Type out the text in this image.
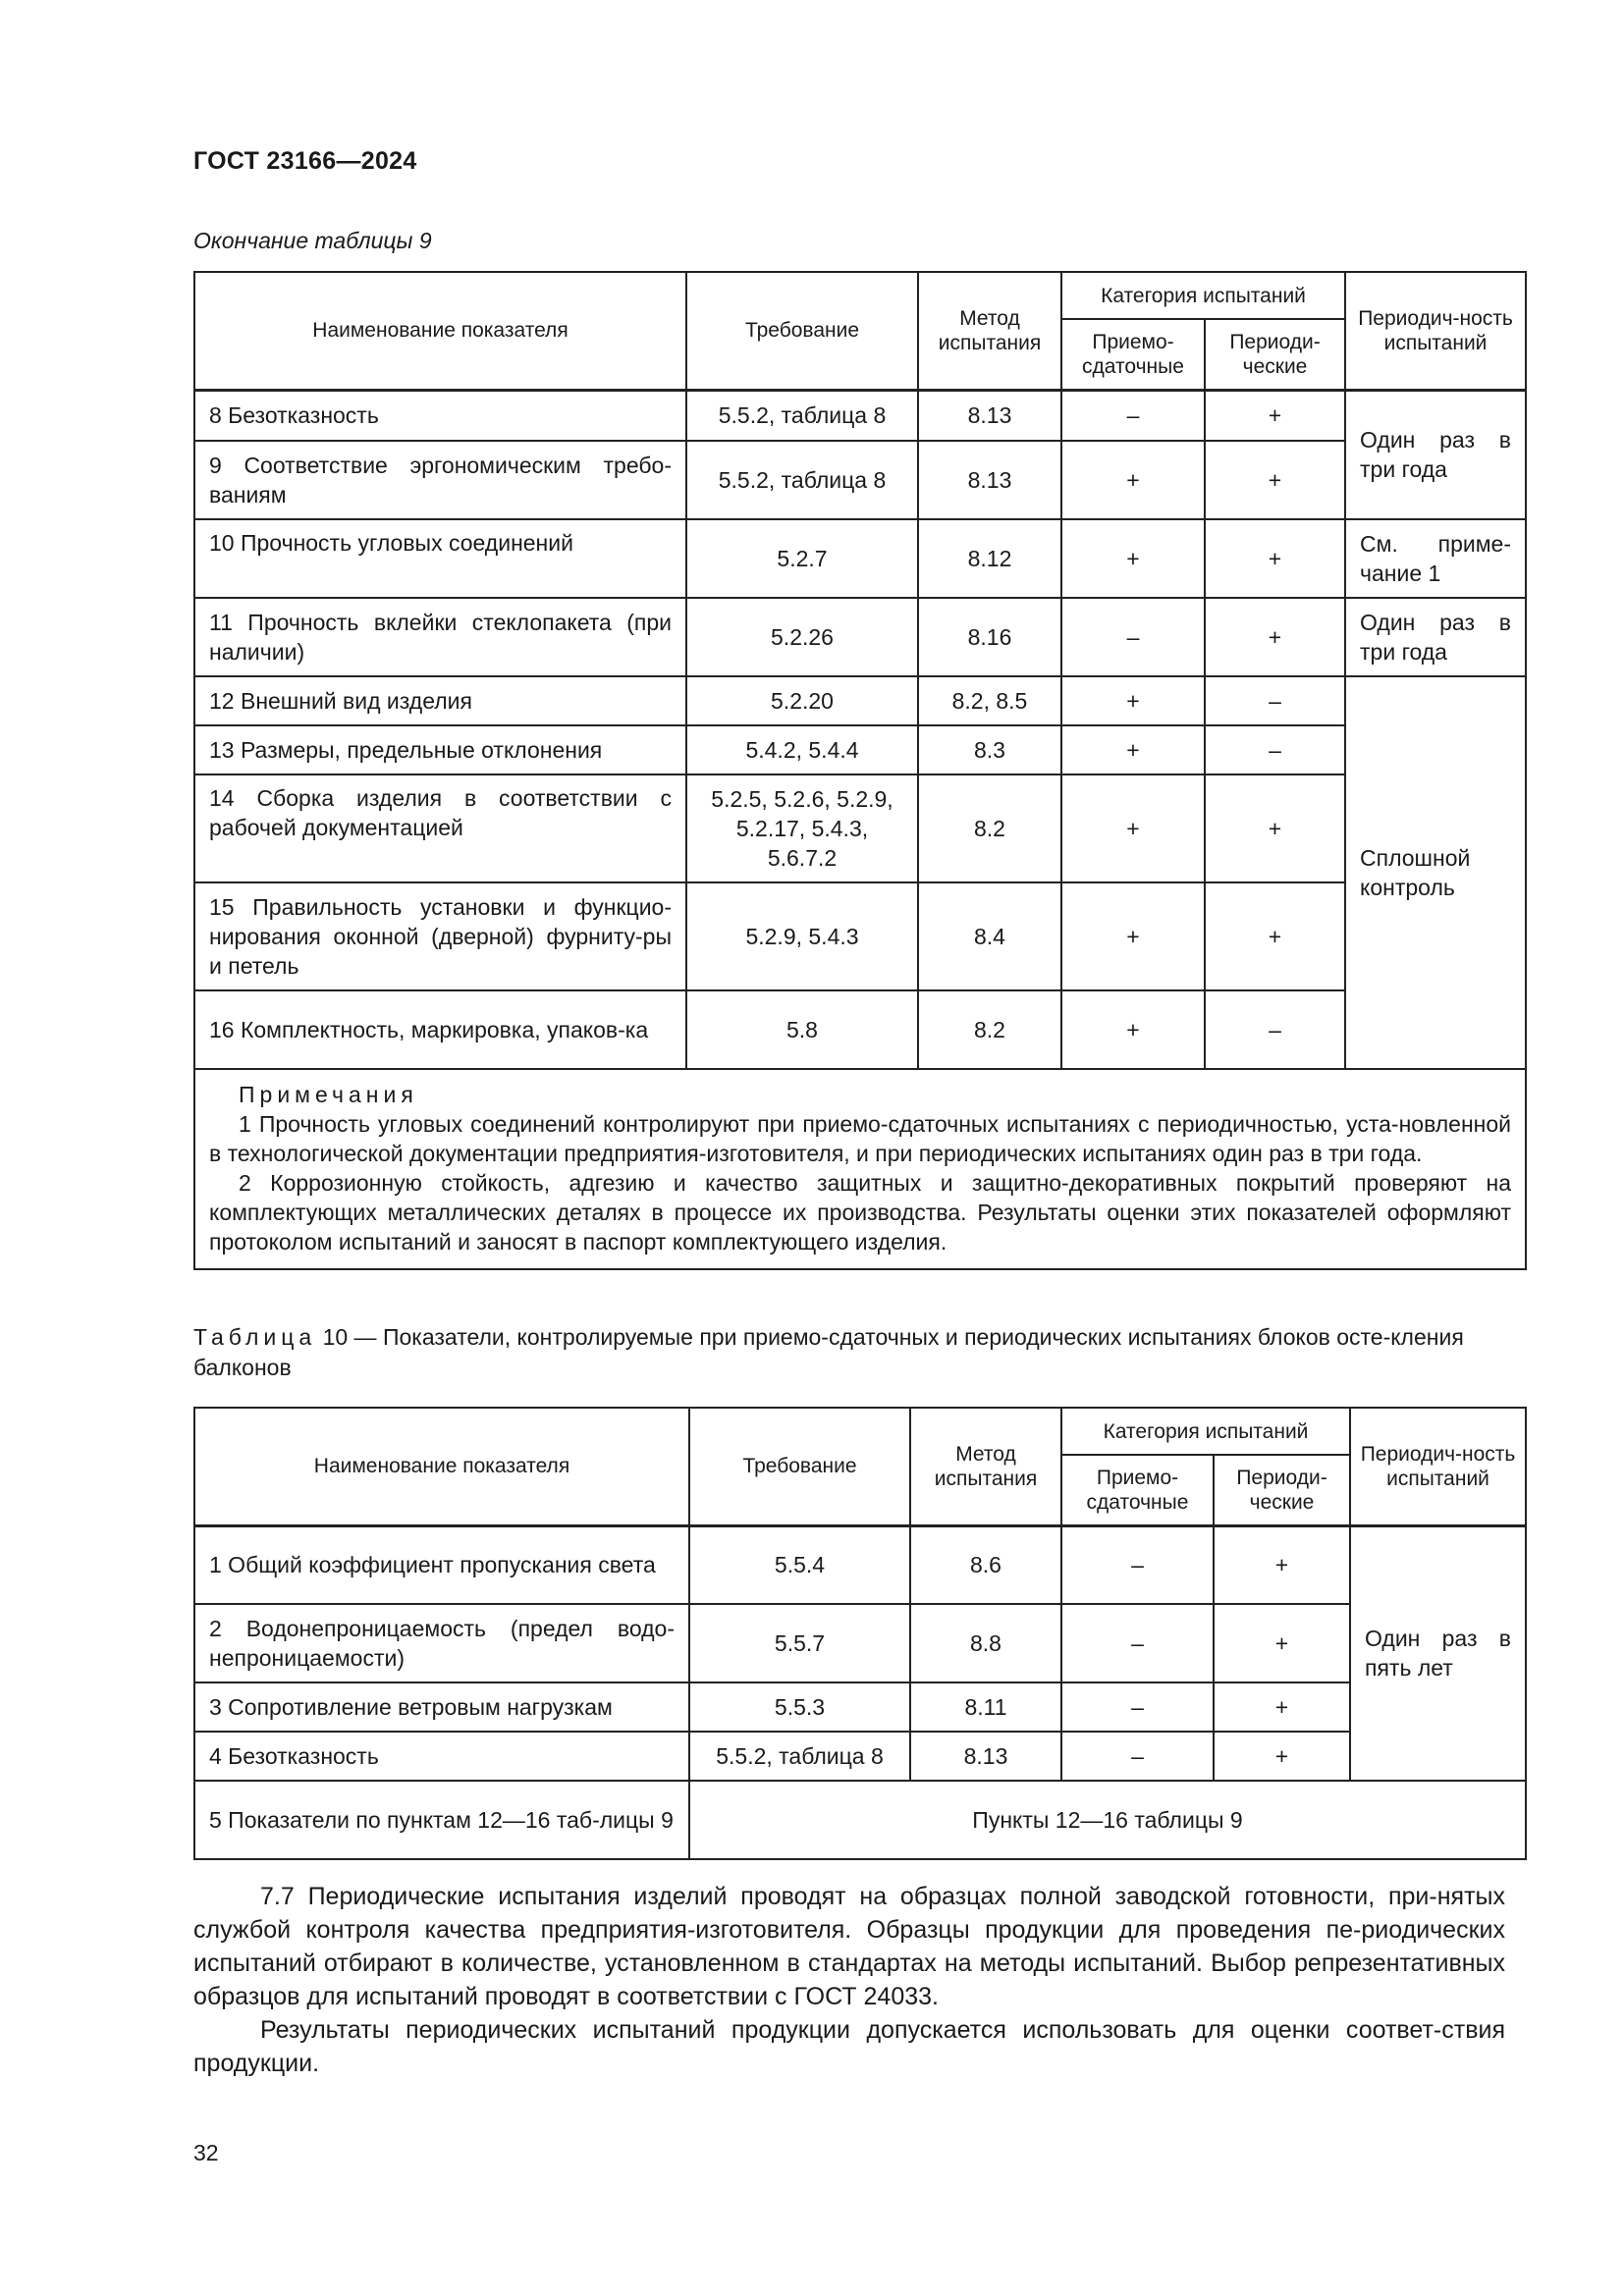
ГОСТ 23166—2024
Окончание таблицы 9
Наименование показателя	Требование	Метод испытания	Категория испытаний		Периодич-ность испытаний
			Приемо-сдаточные	Периоди-ческие	
8 Безотказность	5.5.2, таблица 8	8.13	–	+	Один раз в три года
9 Соответствие эргономическим требо-ваниям	5.5.2, таблица 8	8.13	+	+	
10 Прочность угловых соединений	5.2.7	8.12	+	+	См. приме-чание 1
11 Прочность вклейки стеклопакета (при наличии)	5.2.26	8.16	–	+	Один раз в три года
12 Внешний вид изделия	5.2.20	8.2, 8.5	+	–	Сплошной контроль
13 Размеры, предельные отклонения	5.4.2, 5.4.4	8.3	+	–	
14 Сборка изделия в соответствии с рабочей документацией	5.2.5, 5.2.6, 5.2.9, 5.2.17, 5.4.3, 5.6.7.2	8.2	+	+	
15 Правильность установки и функцио-нирования оконной (дверной) фурниту-ры и петель	5.2.9, 5.4.3	8.4	+	+	
16 Комплектность, маркировка, упаков-ка	5.8	8.2	+	–	

Примечания
1 Прочность угловых соединений контролируют при приемо-сдаточных испытаниях с периодичностью, уста-новленной в технологической документации предприятия-изготовителя, и при периодических испытаниях один раз в три года.
2 Коррозионную стойкость, адгезию и качество защитных и защитно-декоративных покрытий проверяют на комплектующих металлических деталях в процессе их производства. Результаты оценки этих показателей оформляют протоколом испытаний и заносят в паспорт комплектующего изделия.					
Таблица 10 — Показатели, контролируемые при приемо-сдаточных и периодических испытаниях блоков осте-кления балконов
Наименование показателя	Требование	Метод испытания	Категория испытаний		Периодич-ность испытаний
			Приемо-сдаточные	Периоди-ческие	
1 Общий коэффициент пропускания света	5.5.4	8.6	–	+	Один раз в пять лет
2 Водонепроницаемость (предел водо-непроницаемости)	5.5.7	8.8	–	+	
3 Сопротивление ветровым нагрузкам	5.5.3	8.11	–	+	
4 Безотказность	5.5.2, таблица 8	8.13	–	+	
5 Показатели по пунктам 12—16 таб-лицы 9	Пункты 12—16 таблицы 9				

7.7 Периодические испытания изделий проводят на образцах полной заводской готовности, при-нятых службой контроля качества предприятия-изготовителя. Образцы продукции для проведения пе-риодических испытаний отбирают в количестве, установленном в стандартах на методы испытаний. Выбор репрезентативных образцов для испытаний проводят в соответствии с ГОСТ 24033.

Результаты периодических испытаний продукции допускается использовать для оценки соответ-ствия продукции.

32
